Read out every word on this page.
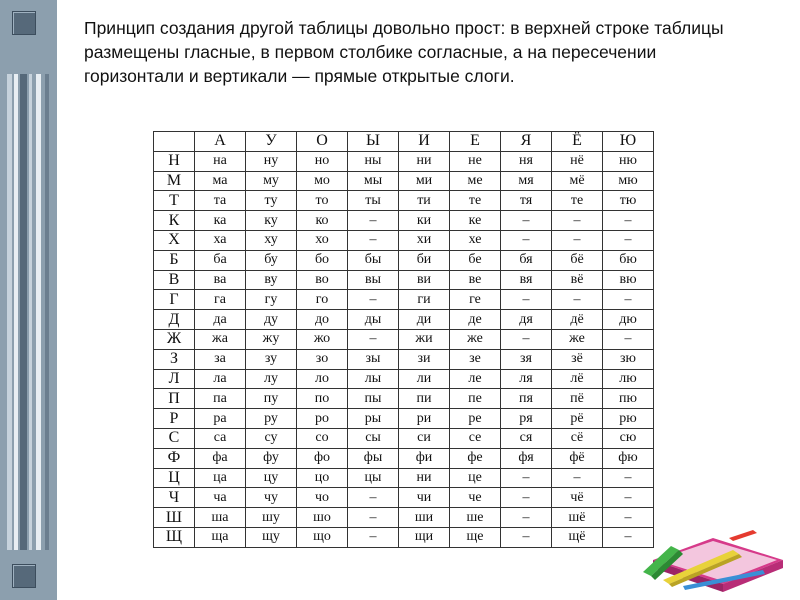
Принцип создания другой таблицы довольно прост: в верхней строке таблицы размещены гласные, в первом столбике согласные, а на пересечении горизонтали и вертикали — прямые открытые слоги.

	А	У	О	Ы	И	Е	Я	Ё	Ю
Н	на	ну	но	ны	ни	не	ня	нё	ню
М	ма	му	мо	мы	ми	ме	мя	мё	мю
Т	та	ту	то	ты	ти	те	тя	те	тю
К	ка	ку	ко	–	ки	ке	–	–	–
Х	ха	ху	хо	–	хи	хе	–	–	–
Б	ба	бу	бо	бы	би	бе	бя	бё	бю
В	ва	ву	во	вы	ви	ве	вя	вё	вю
Г	га	гу	го	–	ги	ге	–	–	–
Д	да	ду	до	ды	ди	де	дя	дё	дю
Ж	жа	жу	жо	–	жи	же	–	же	–
З	за	зу	зо	зы	зи	зе	зя	зё	зю
Л	ла	лу	ло	лы	ли	ле	ля	лё	лю
П	па	пу	по	пы	пи	пе	пя	пё	пю
Р	ра	ру	ро	ры	ри	ре	ря	рё	рю
С	са	су	со	сы	си	се	ся	сё	сю
Ф	фа	фу	фо	фы	фи	фе	фя	фё	фю
Ц	ца	цу	цо	цы	ни	це	–	–	–
Ч	ча	чу	чо	–	чи	че	–	чё	–
Ш	ша	шу	шо	–	ши	ше	–	шё	–
Щ	ща	щу	що	–	щи	ще	–	щё	–
